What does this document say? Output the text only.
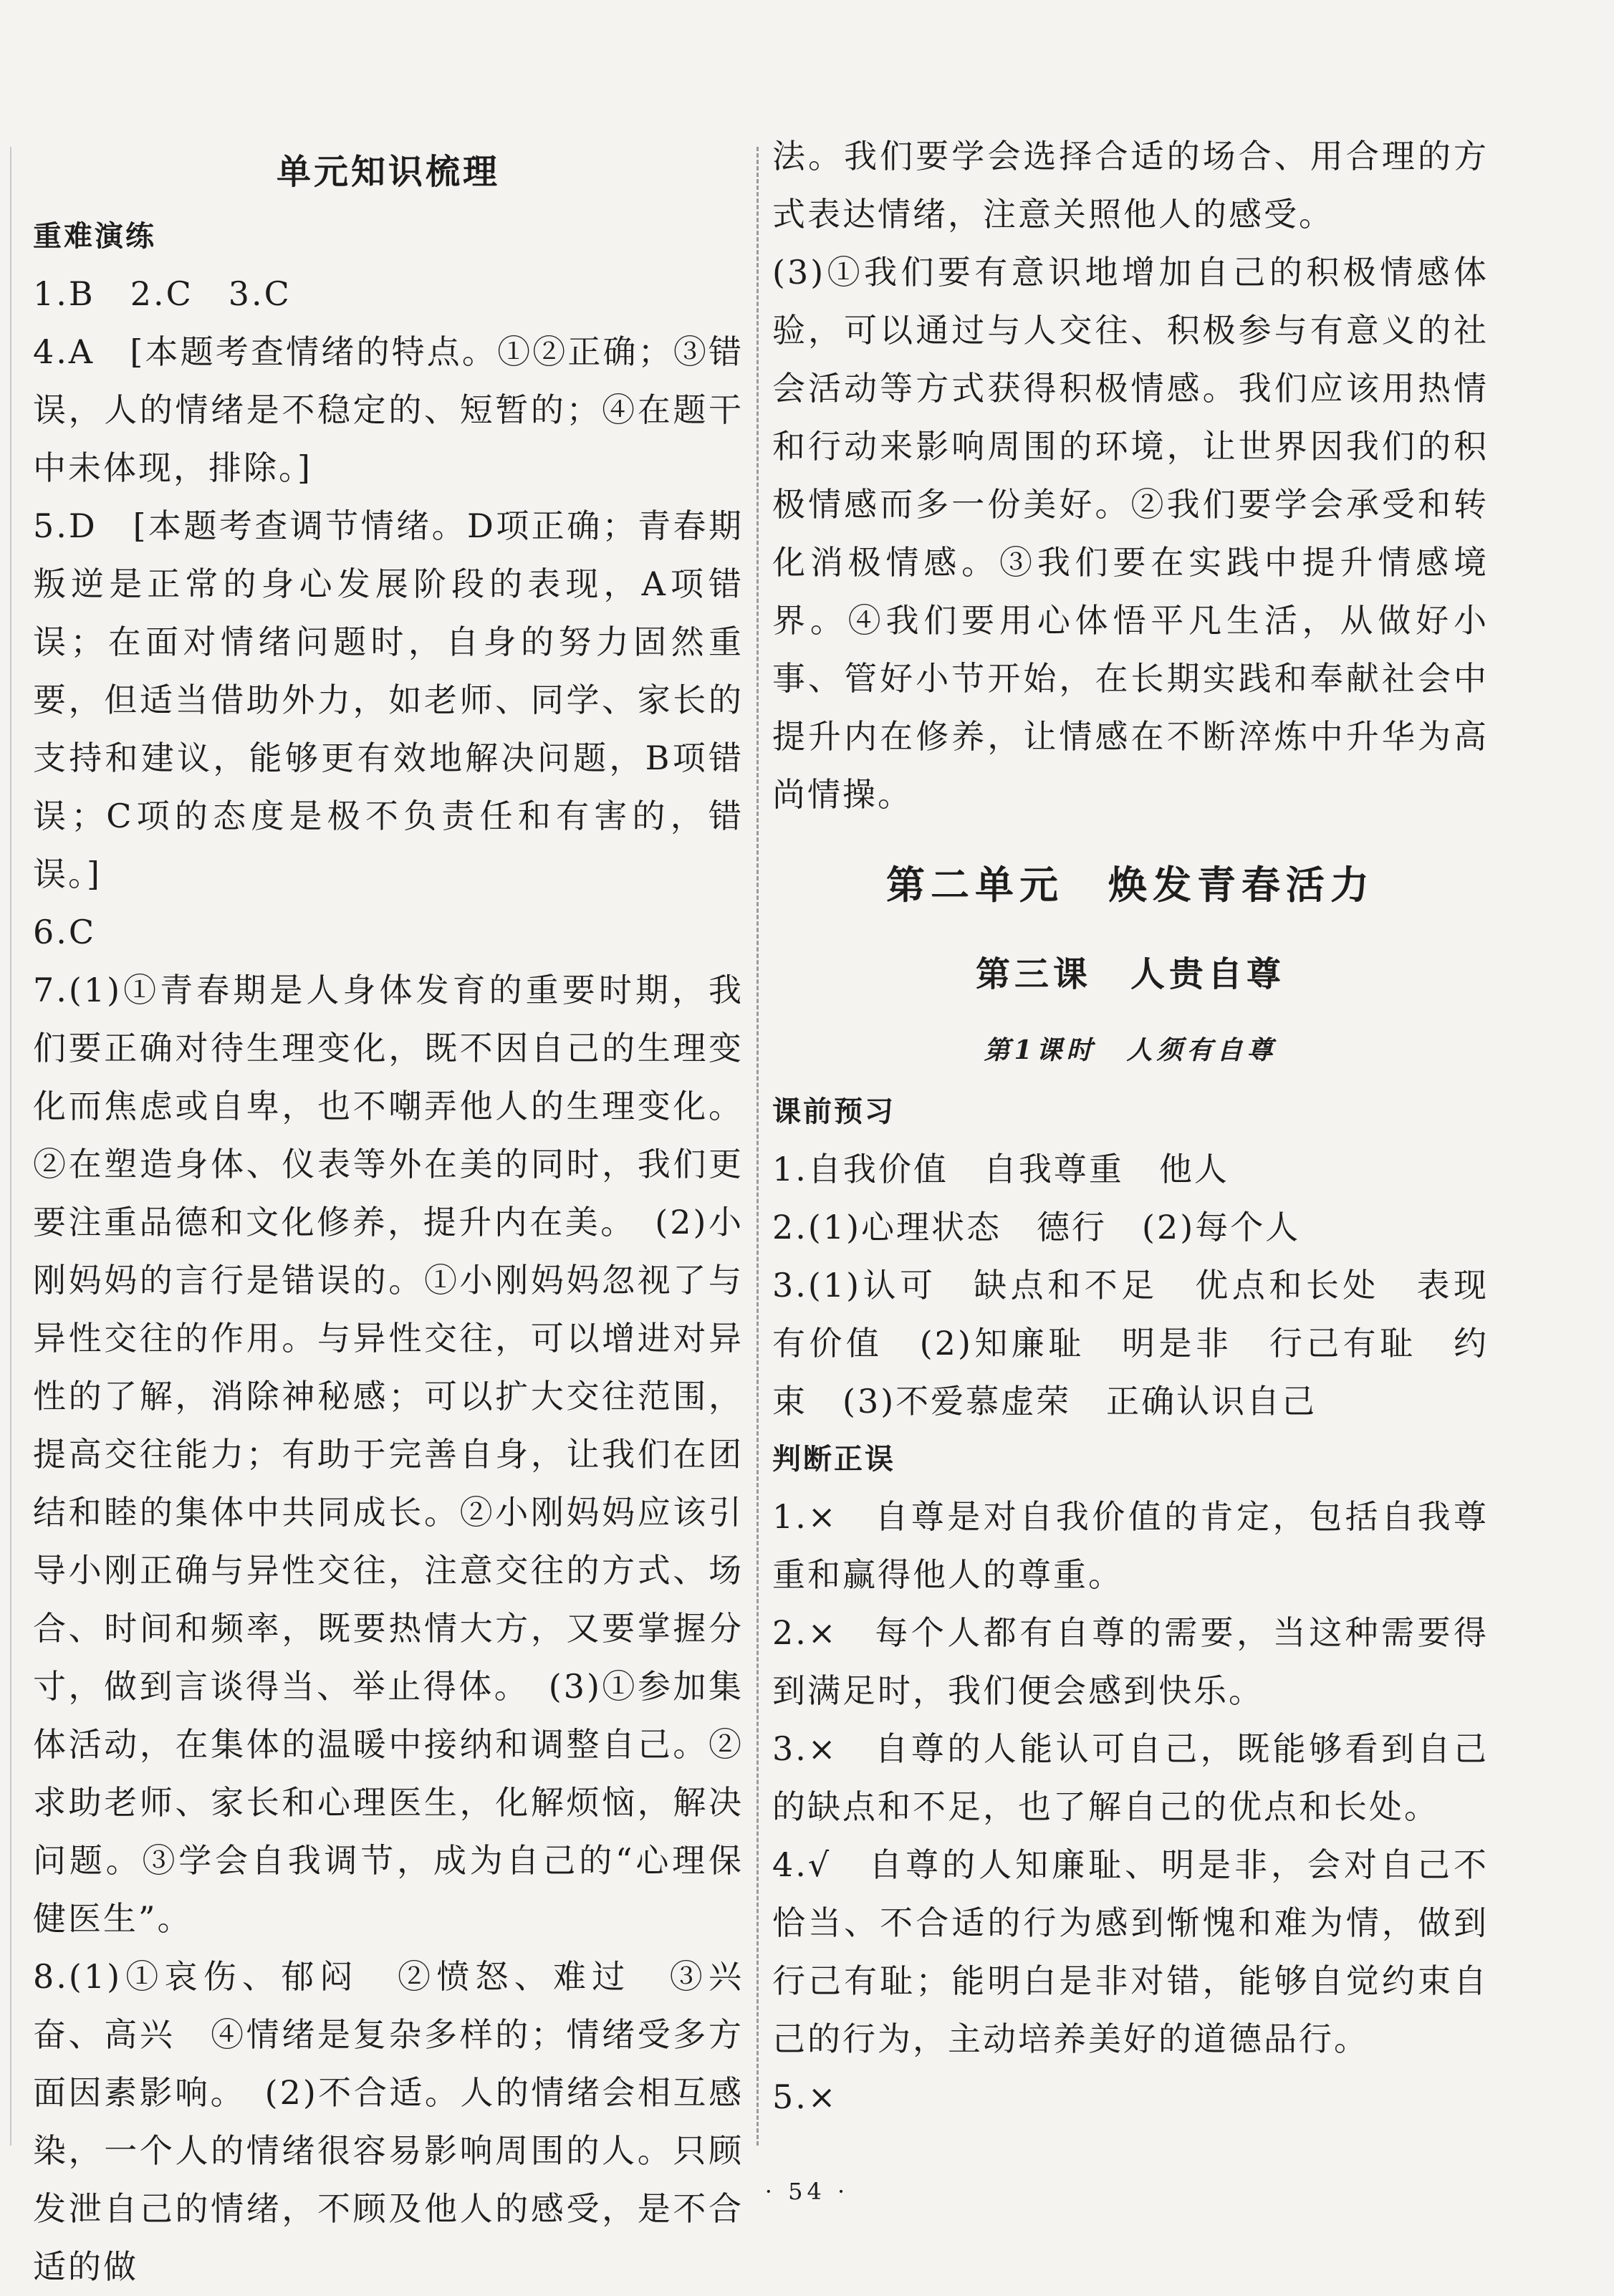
单元知识梳理

重难演练

1.B　2.C　3.C

4.A　[本题考查情绪的特点。①②正确；③错误，人的情绪是不稳定的、短暂的；④在题干中未体现，排除。]

5.D　[本题考查调节情绪。D项正确；青春期叛逆是正常的身心发展阶段的表现，A项错误；在面对情绪问题时，自身的努力固然重要，但适当借助外力，如老师、同学、家长的支持和建议，能够更有效地解决问题，B项错误；C项的态度是极不负责任和有害的，错误。]

6.C

7.(1)①青春期是人身体发育的重要时期，我们要正确对待生理变化，既不因自己的生理变化而焦虑或自卑，也不嘲弄他人的生理变化。②在塑造身体、仪表等外在美的同时，我们更要注重品德和文化修养，提升内在美。　(2)小刚妈妈的言行是错误的。①小刚妈妈忽视了与异性交往的作用。与异性交往，可以增进对异性的了解，消除神秘感；可以扩大交往范围，提高交往能力；有助于完善自身，让我们在团结和睦的集体中共同成长。②小刚妈妈应该引导小刚正确与异性交往，注意交往的方式、场合、时间和频率，既要热情大方，又要掌握分寸，做到言谈得当、举止得体。　(3)①参加集体活动，在集体的温暖中接纳和调整自己。②求助老师、家长和心理医生，化解烦恼，解决问题。③学会自我调节，成为自己的“心理保健医生”。

8.(1)①哀伤、郁闷　②愤怒、难过　③兴奋、高兴　④情绪是复杂多样的；情绪受多方面因素影响。　(2)不合适。人的情绪会相互感染，一个人的情绪很容易影响周围的人。只顾发泄自己的情绪，不顾及他人的感受，是不合适的做

法。我们要学会选择合适的场合、用合理的方式表达情绪，注意关照他人的感受。

(3)①我们要有意识地增加自己的积极情感体验，可以通过与人交往、积极参与有意义的社会活动等方式获得积极情感。我们应该用热情和行动来影响周围的环境，让世界因我们的积极情感而多一份美好。②我们要学会承受和转化消极情感。③我们要在实践中提升情感境界。④我们要用心体悟平凡生活，从做好小事、管好小节开始，在长期实践和奉献社会中提升内在修养，让情感在不断淬炼中升华为高尚情操。

第二单元　焕发青春活力

第三课　人贵自尊

第1课时　人须有自尊

课前预习

1.自我价值　自我尊重　他人

2.(1)心理状态　德行　(2)每个人

3.(1)认可　缺点和不足　优点和长处　表现有价值　(2)知廉耻　明是非　行己有耻　约束　(3)不爱慕虚荣　正确认识自己

判断正误

1.×　自尊是对自我价值的肯定，包括自我尊重和赢得他人的尊重。

2.×　每个人都有自尊的需要，当这种需要得到满足时，我们便会感到快乐。

3.×　自尊的人能认可自己，既能够看到自己的缺点和不足，也了解自己的优点和长处。

4.√　自尊的人知廉耻、明是非，会对自己不恰当、不合适的行为感到惭愧和难为情，做到行己有耻；能明白是非对错，能够自觉约束自己的行为，主动培养美好的道德品行。

5.×

· 54 ·
